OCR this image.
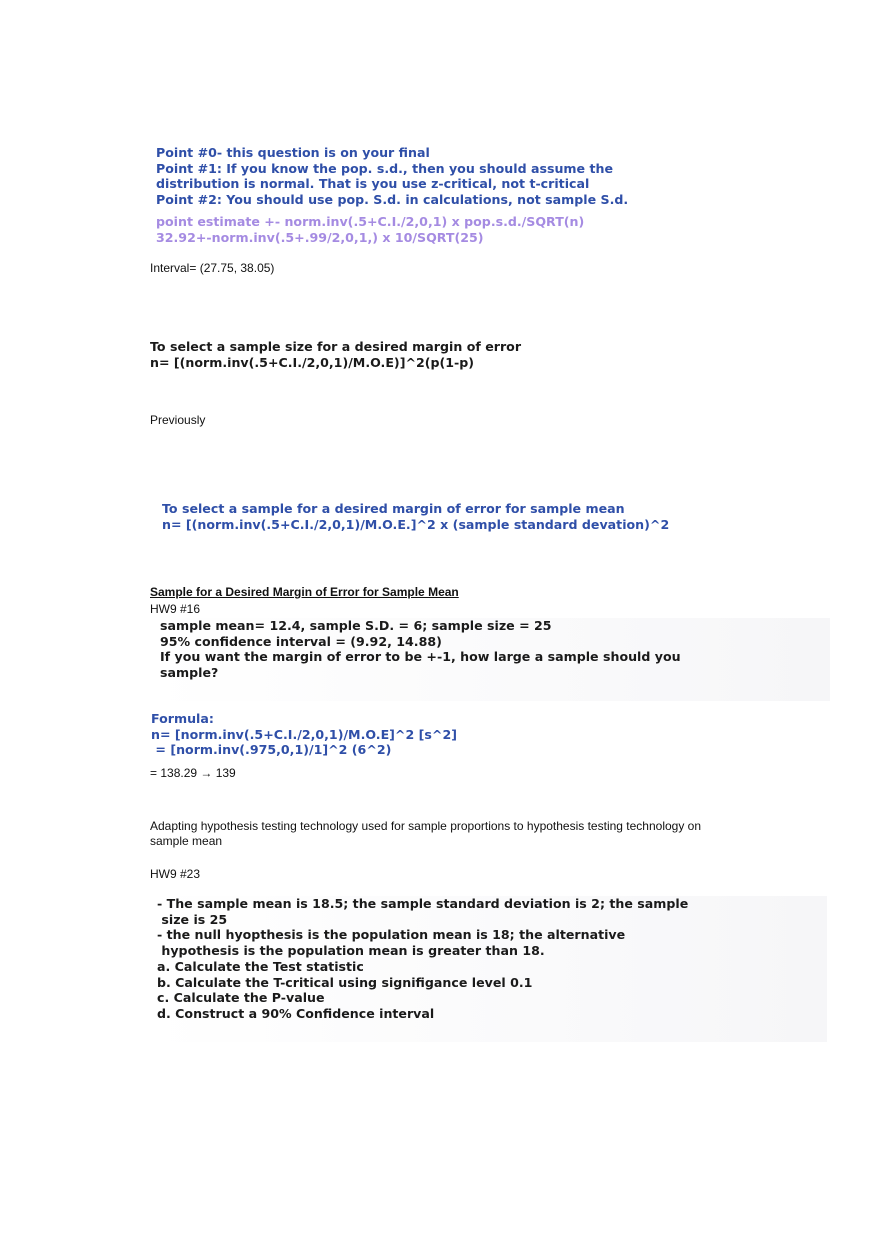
Point #0- this question is on your final
Point #1: If you know the pop. s.d., then you should assume the
distribution is normal. That is you use z-critical, not t-critical
Point #2: You should use pop. S.d. in calculations, not sample S.d.
point estimate +- norm.inv(.5+C.I./2,0,1) x pop.s.d./SQRT(n)
32.92+-norm.inv(.5+.99/2,0,1,) x 10/SQRT(25)
Interval= (27.75, 38.05)
To select a sample size for a desired margin of error
n= [(norm.inv(.5+C.I./2,0,1)/M.O.E)]^2(p(1-p)
Previously
To select a sample for a desired margin of error for sample mean
n= [(norm.inv(.5+C.I./2,0,1)/M.O.E.]^2 x (sample standard devation)^2
Sample for a Desired Margin of Error for Sample Mean
HW9 #16
sample mean= 12.4, sample S.D. = 6; sample size = 25
95% confidence interval = (9.92, 14.88)
If you want the margin of error to be +-1, how large a sample should you
sample?
Formula:
n= [norm.inv(.5+C.I./2,0,1)/M.O.E]^2 [s^2]
= [norm.inv(.975,0,1)/1]^2 (6^2)
= 138.29 → 139
Adapting hypothesis testing technology used for sample proportions to hypothesis testing technology on
sample mean
HW9 #23
- The sample mean is 18.5; the sample standard deviation is 2; the sample
size is 25
- the null hyopthesis is the population mean is 18; the alternative
hypothesis is the population mean is greater than 18.
a. Calculate the Test statistic
b. Calculate the T-critical using signifigance level 0.1
c. Calculate the P-value
d. Construct a 90% Confidence interval
